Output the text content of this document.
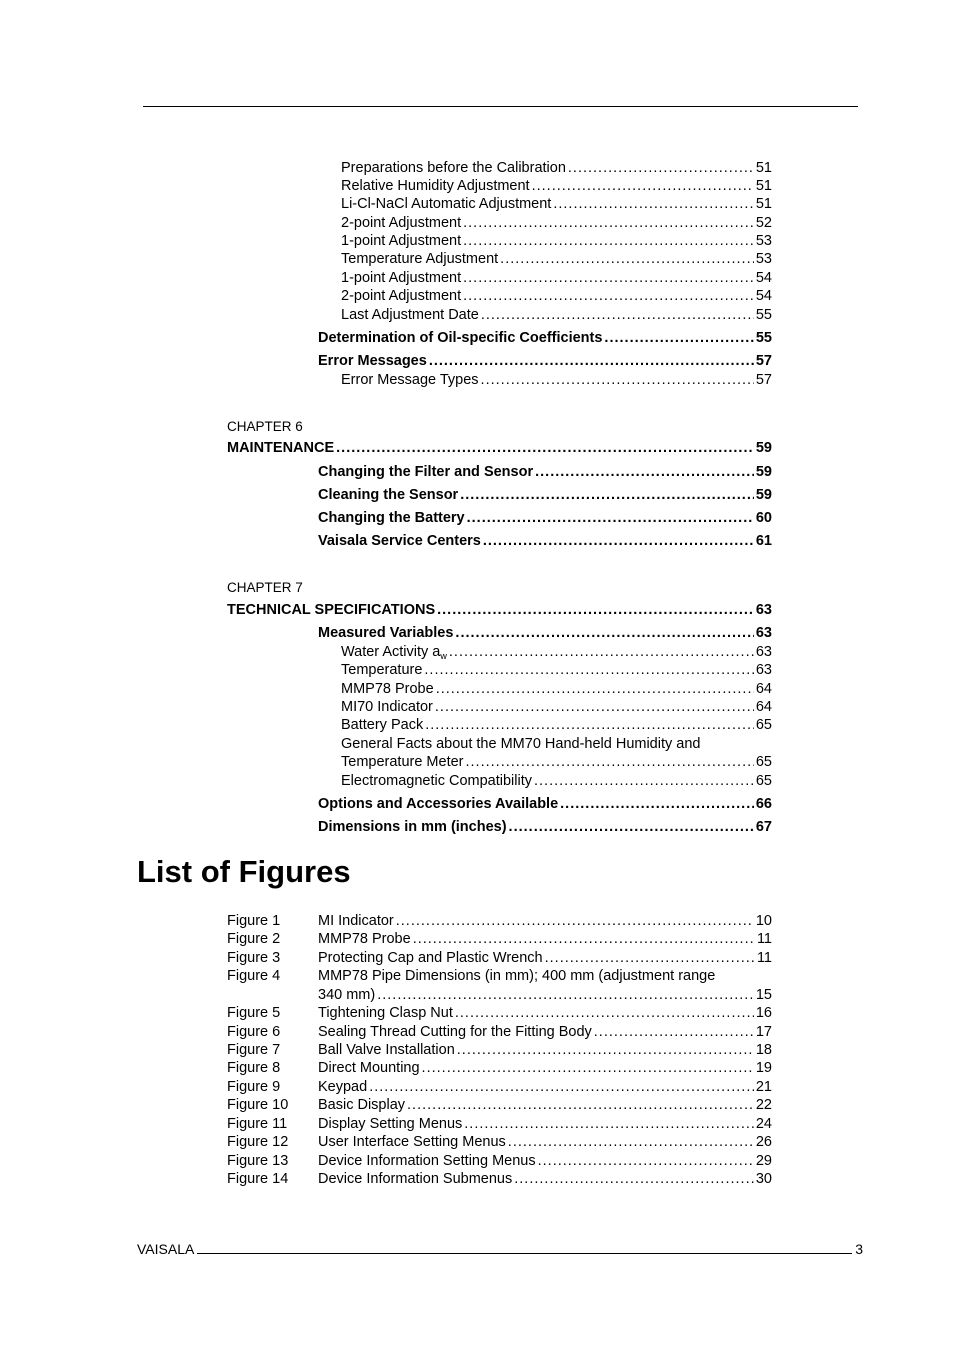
Preparations before the Calibration .....	51
Relative Humidity Adjustment .....	51
Li-Cl-NaCl Automatic Adjustment .....	51
2-point Adjustment .....	52
1-point Adjustment .....	53
Temperature Adjustment .....	53
1-point Adjustment .....	54
2-point Adjustment .....	54
Last Adjustment Date .....	55
Determination of Oil-specific Coefficients .....	55
Error Messages .....	57
Error Message Types .....	57
CHAPTER 6
MAINTENANCE .....	59
Changing the Filter and Sensor .....	59
Cleaning the Sensor .....	59
Changing the Battery .....	60
Vaisala Service Centers .....	61
CHAPTER 7
TECHNICAL SPECIFICATIONS .....	63
Measured Variables .....	63
Water Activity $a_w$ .....	63
Temperature .....	63
MMP78 Probe .....	64
MI70 Indicator .....	64
Battery Pack .....	65
General Facts about the MM70 Hand-held Humidity and
Temperature Meter .....	65
Electromagnetic Compatibility .....	65
Options and Accessories Available .....	66
Dimensions in mm (inches) .....	67
List of Figures
Figure 1	MI Indicator .....	10
Figure 2	MMP78 Probe .....	11
Figure 3	Protecting Cap and Plastic Wrench .....	11
Figure 4	MMP78 Pipe Dimensions (in mm); 400 mm (adjustment range
340 mm) .....	15
Figure 5	Tightening Clasp Nut .....	16
Figure 6	Sealing Thread Cutting for the Fitting Body .....	17
Figure 7	Ball Valve Installation .....	18
Figure 8	Direct Mounting .....	19
Figure 9	Keypad .....	21
Figure 10	Basic Display .....	22
Figure 11	Display Setting Menus .....	24
Figure 12	User Interface Setting Menus .....	26
Figure 13	Device Information Setting Menus .....	29
Figure 14	Device Information Submenus .....	30
VAISALA	3
